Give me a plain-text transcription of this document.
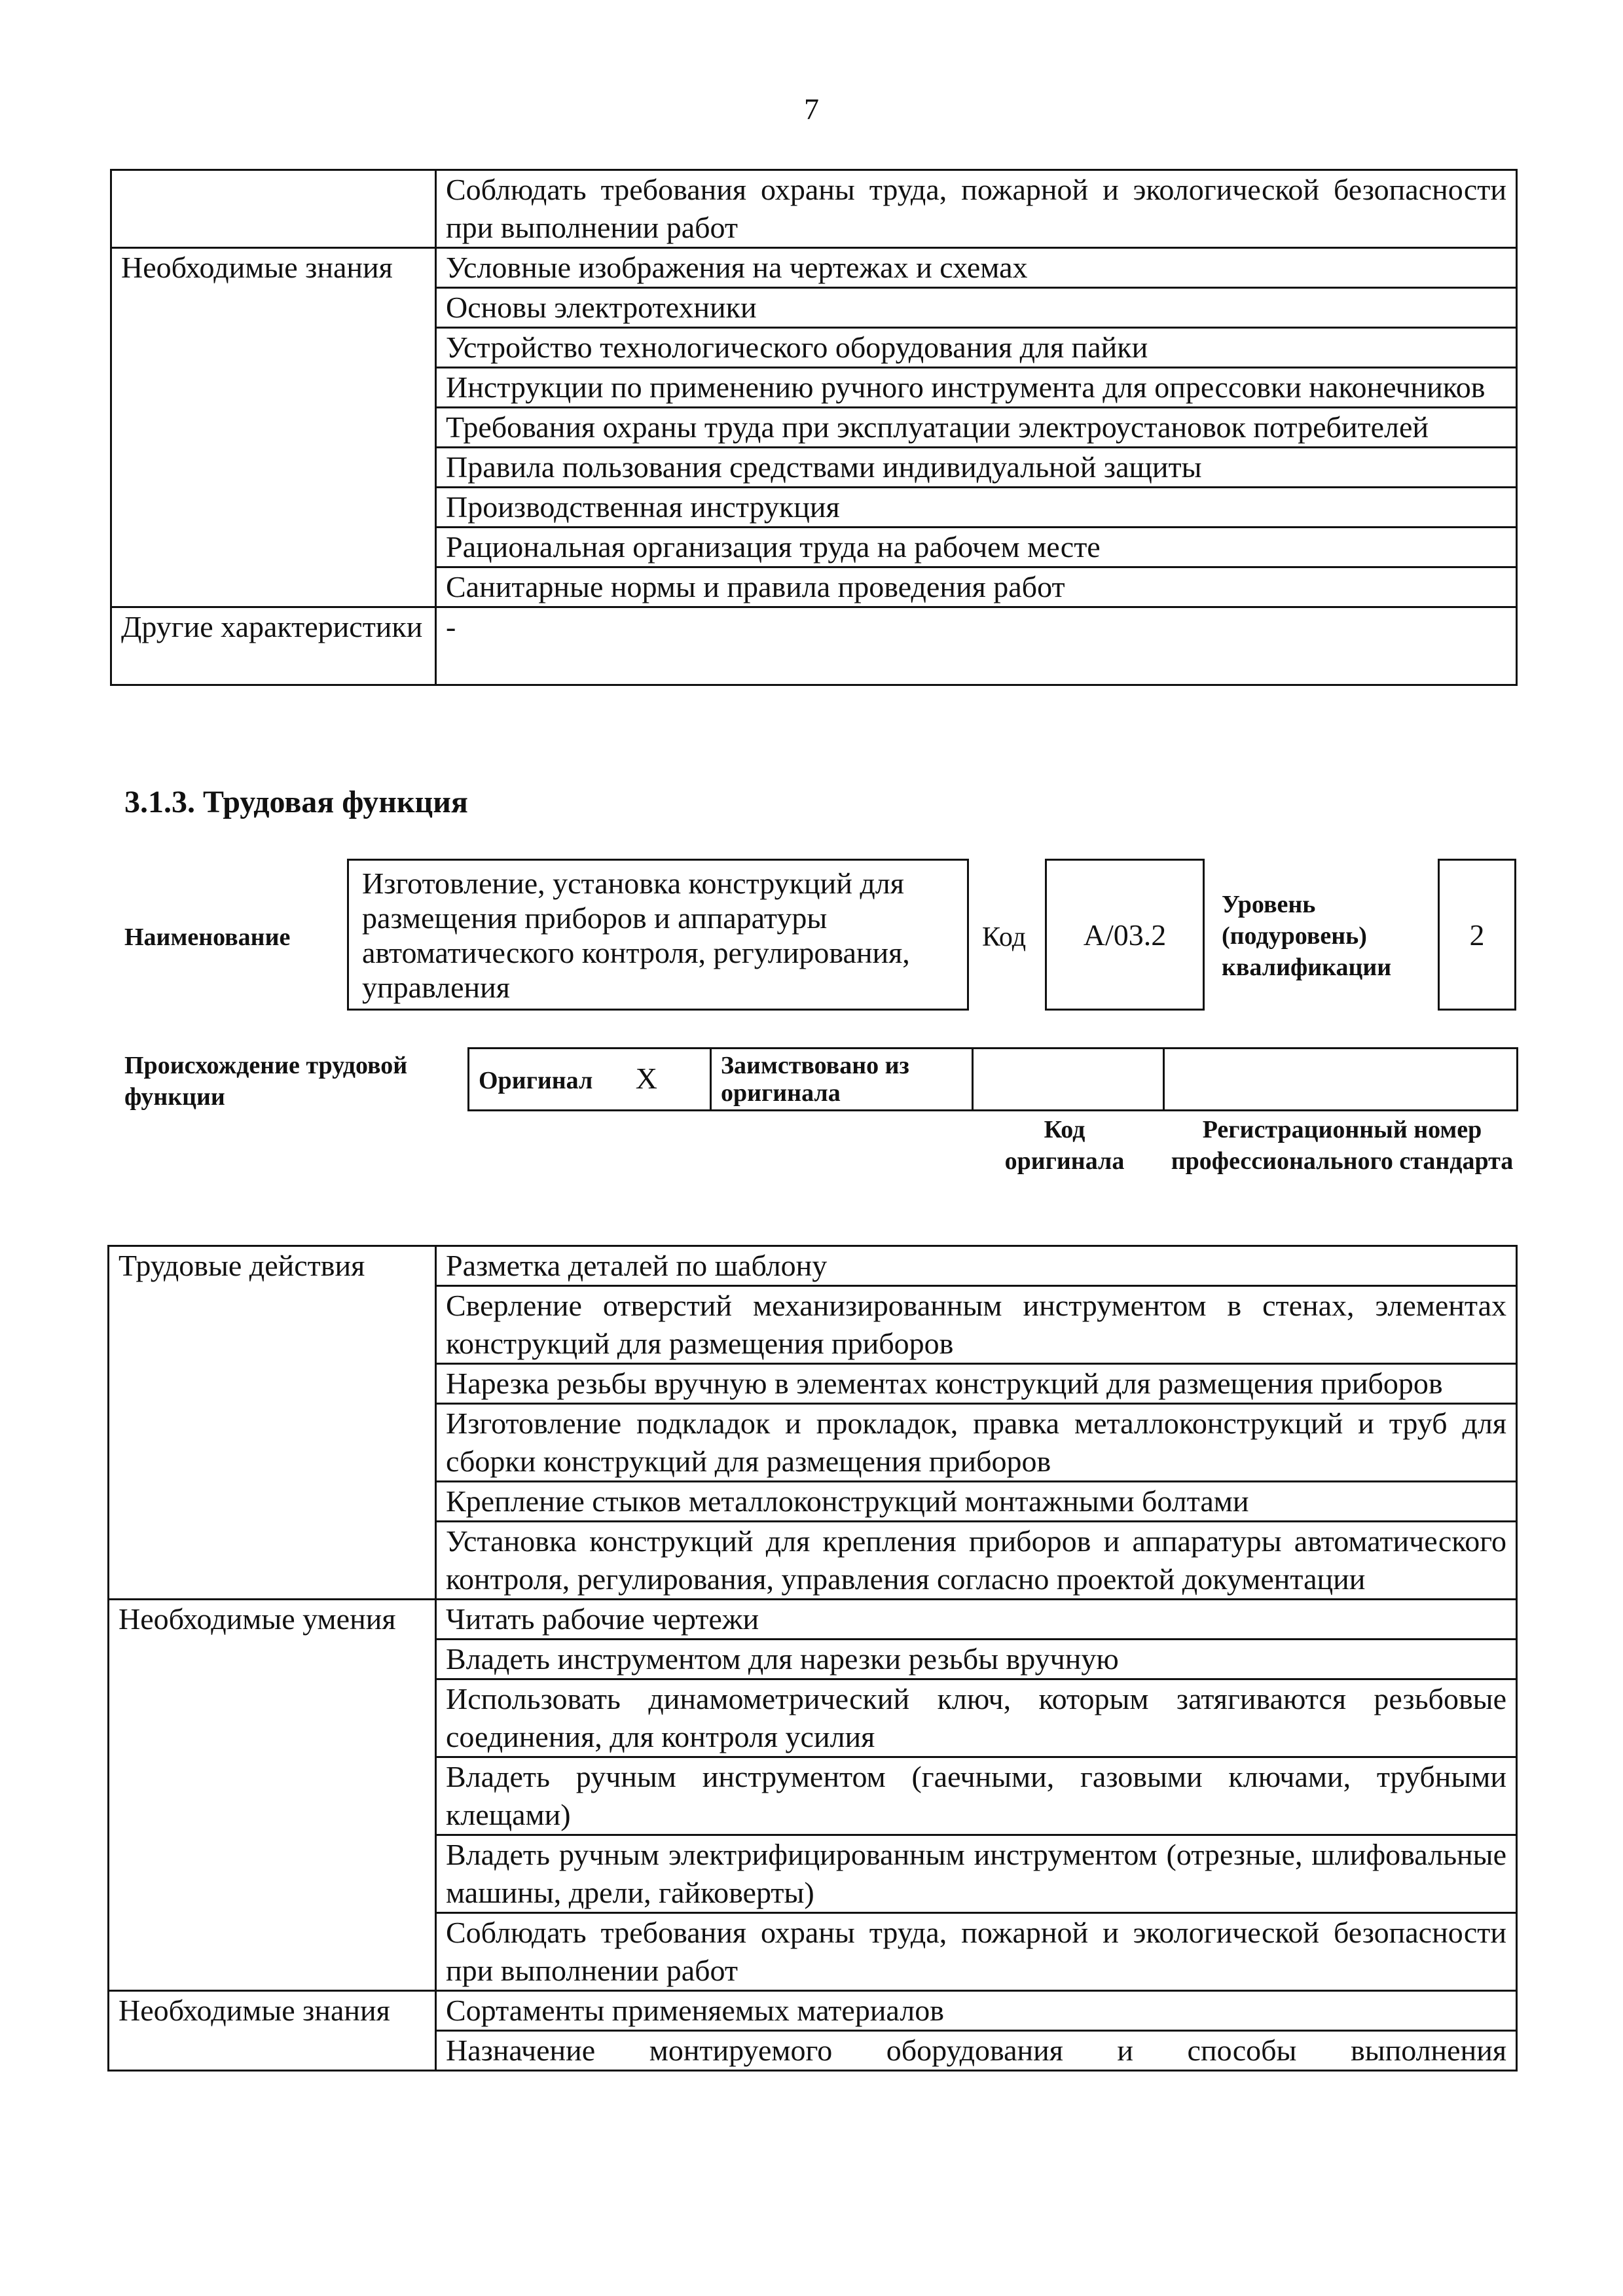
7
	Соблюдать требования охраны труда, пожарной и экологической безопасности при выполнении работ
Необходимые знания	Условные изображения на чертежах и схемах
	Основы электротехники
	Устройство технологического оборудования для пайки
	Инструкции по применению ручного инструмента для опрессовки наконечников
	Требования охраны труда при эксплуатации электроустановок потребителей
	Правила пользования средствами индивидуальной защиты
	Производственная инструкция
	Рациональная организация труда на рабочем месте
	Санитарные нормы и правила проведения работ
Другие характеристики	-
3.1.3. Трудовая функция
Наименование
Изготовление, установка конструкций для размещения приборов и аппаратуры автоматического контроля, регулирования, управления
Код	А/03.2
Уровень (подуровень) квалификации
2
Происхождение трудовой функции
Оригинал X	Заимствовано из оригинала		
Код оригинала
Регистрационный номер профессионального стандарта
Трудовые действия	Разметка деталей по шаблону
	Сверление отверстий механизированным инструментом в стенах, элементах конструкций для размещения приборов
	Нарезка резьбы вручную в элементах конструкций для размещения приборов
	Изготовление подкладок и прокладок, правка металлоконструкций и труб для сборки конструкций для размещения приборов
	Крепление стыков металлоконструкций монтажными болтами
	Установка конструкций для крепления приборов и аппаратуры автоматического контроля, регулирования, управления согласно проектой документации
Необходимые умения	Читать рабочие чертежи
	Владеть инструментом для нарезки резьбы вручную
	Использовать динамометрический ключ, которым затягиваются резьбовые соединения, для контроля усилия
	Владеть ручным инструментом (гаечными, газовыми ключами, трубными клещами)
	Владеть ручным электрифицированным инструментом (отрезные, шлифовальные машины, дрели, гайковерты)
	Соблюдать требования охраны труда, пожарной и экологической безопасности при выполнении работ
Необходимые знания	Сортаменты применяемых материалов
	Назначение монтируемого оборудования и способы выполнения
